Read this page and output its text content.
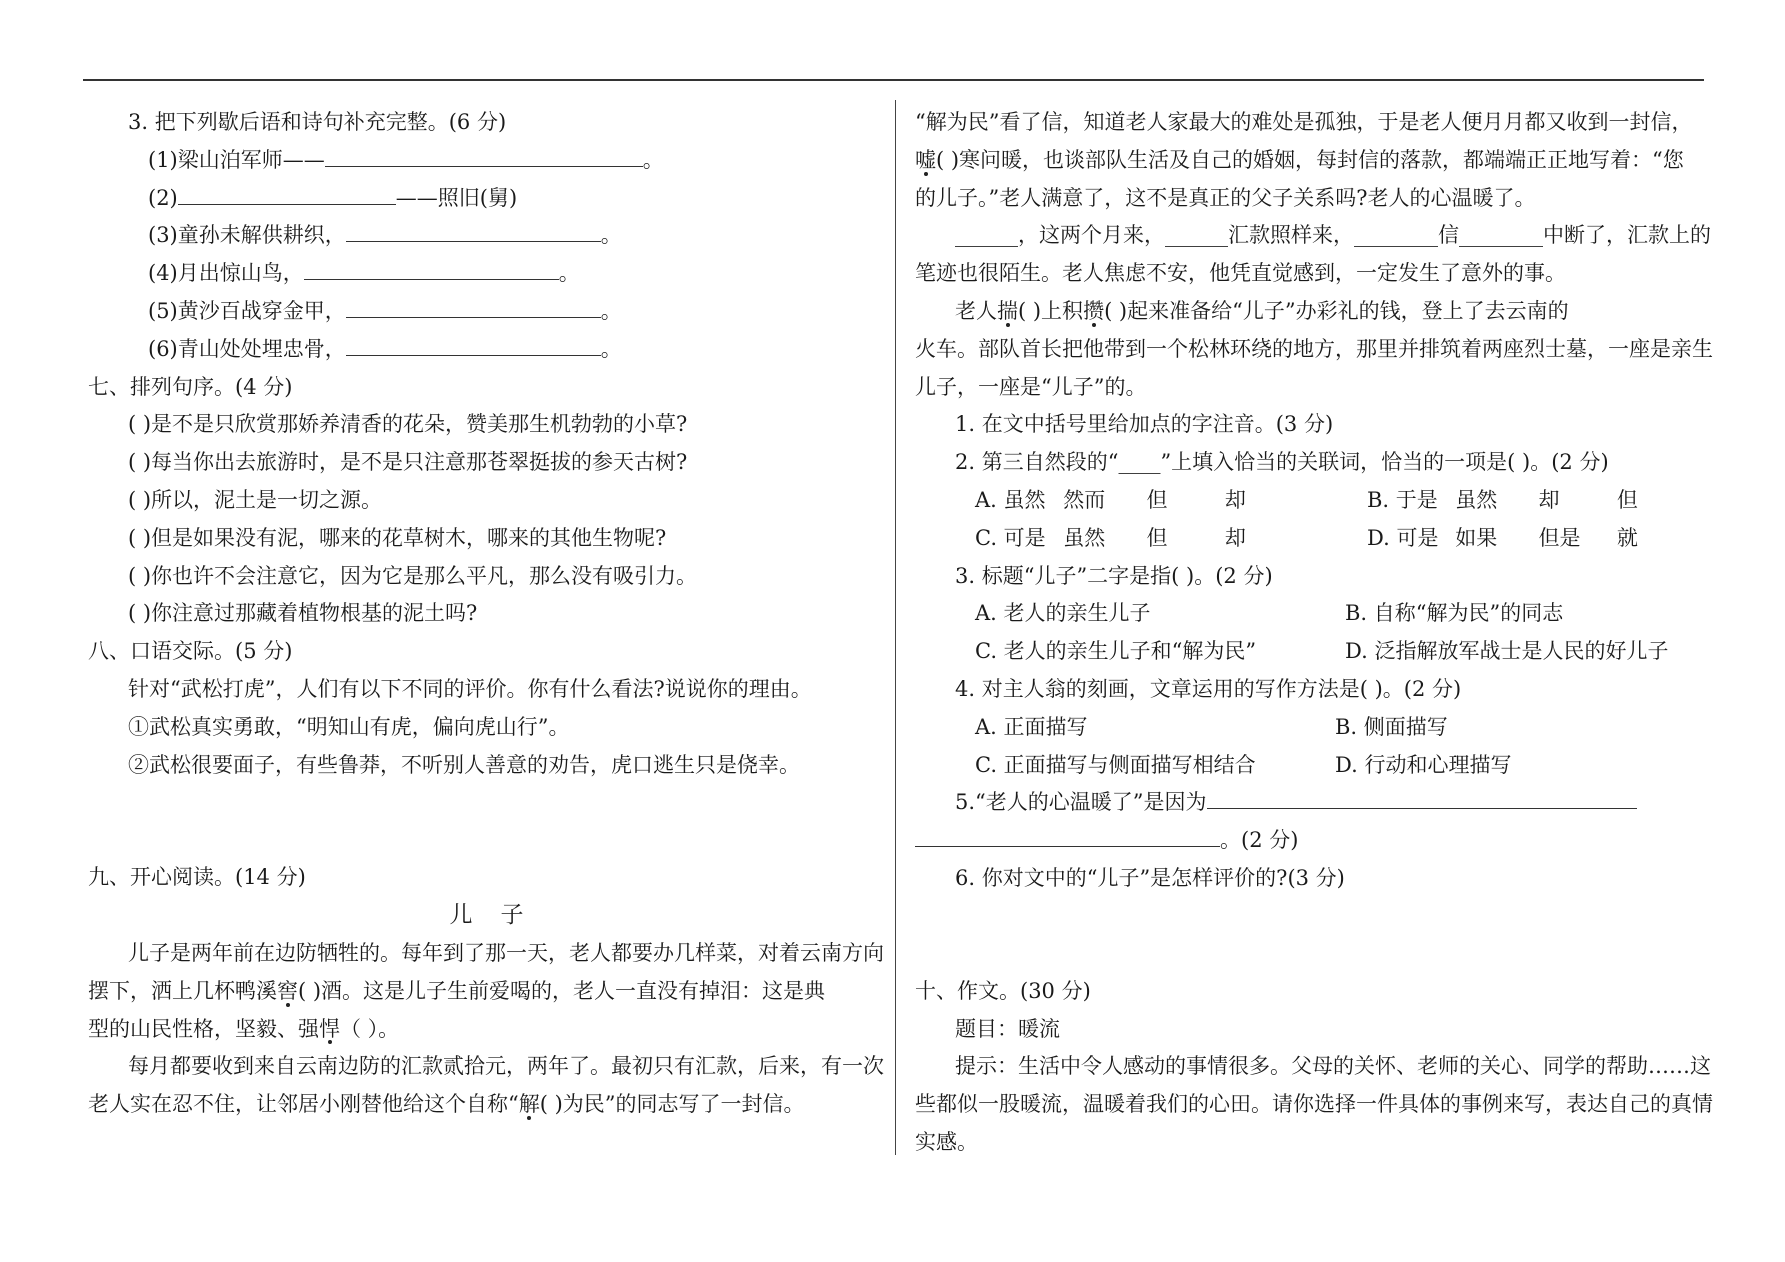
3. 把下列歇后语和诗句补充完整。(6 分)
(1)梁山泊军师——	。
(2)	——照旧(舅)
(3)童孙未解供耕织，	。
(4)月出惊山鸟，	。
(5)黄沙百战穿金甲，	。
(6)青山处处埋忠骨，	。
七、排列句序。(4 分)
( )是不是只欣赏那娇养清香的花朵，赞美那生机勃勃的小草?
( )每当你出去旅游时，是不是只注意那苍翠挺拔的参天古树?
( )所以，泥土是一切之源。
( )但是如果没有泥，哪来的花草树木，哪来的其他生物呢?
( )你也许不会注意它，因为它是那么平凡，那么没有吸引力。
( )你注意过那藏着植物根基的泥土吗?
八、口语交际。(5 分)
针对“武松打虎”，人们有以下不同的评价。你有什么看法?说说你的理由。
①武松真实勇敢，“明知山有虎，偏向虎山行”。
②武松很要面子，有些鲁莽，不听别人善意的劝告，虎口逃生只是侥幸。
九、开心阅读。(14 分)
儿子
儿子是两年前在边防牺牲的。每年到了那一天，老人都要办几样菜，对着云南方向
摆下，洒上几杯鸭溪窖( )酒。这是儿子生前爱喝的，老人一直没有掉泪：这是典
型的山民性格，坚毅、强悍（ ）。
每月都要收到来自云南边防的汇款贰拾元，两年了。最初只有汇款，后来，有一次
老人实在忍不住，让邻居小刚替他给这个自称“解( )为民”的同志写了一封信。
“解为民”看了信，知道老人家最大的难处是孤独，于是老人便月月都又收到一封信，
嘘( )寒问暖，也谈部队生活及自己的婚姻，每封信的落款，都端端正正地写着：“您
的儿子。”老人满意了，这不是真正的父子关系吗?老人的心温暖了。
______，这两个月来，______汇款照样来，________信________中断了，汇款上的
笔迹也很陌生。老人焦虑不安，他凭直觉感到，一定发生了意外的事。
老人揣( )上积攒( )起来准备给“儿子”办彩礼的钱，登上了去云南的
火车。部队首长把他带到一个松林环绕的地方，那里并排筑着两座烈士墓，一座是亲生
儿子，一座是“儿子”的。
1. 在文中括号里给加点的字注音。(3 分)
2. 第三自然段的“____”上填入恰当的关联词，恰当的一项是( )。(2 分)
A. 虽然 然而	但	却	B. 于是 虽然	却	但
C. 可是 虽然	但	却	D. 可是 如果	但是	就
3. 标题“儿子”二字是指( )。(2 分)
A. 老人的亲生儿子	B. 自称“解为民”的同志
C. 老人的亲生儿子和“解为民”	D. 泛指解放军战士是人民的好儿子
4. 对主人翁的刻画，文章运用的写作方法是( )。(2 分)
A. 正面描写	B. 侧面描写
C. 正面描写与侧面描写相结合	D. 行动和心理描写
5.“老人的心温暖了”是因为
。(2 分)
6. 你对文中的“儿子”是怎样评价的?(3 分)
十、作文。(30 分)
题目：暖流
提示：生活中令人感动的事情很多。父母的关怀、老师的关心、同学的帮助……这
些都似一股暖流，温暖着我们的心田。请你选择一件具体的事例来写，表达自己的真情
实感。
